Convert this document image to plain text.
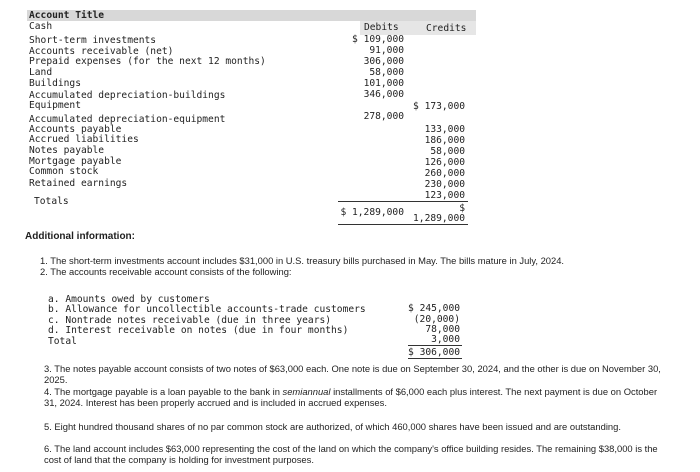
Account Title
Debits	Credits
Cash
Short-term investments
Accounts receivable (net)
Prepaid expenses (for the next 12 months)
Land
Buildings
Accumulated depreciation-buildings
Equipment
Accumulated depreciation-equipment
Accounts payable
Accrued liabilities
Notes payable
Mortgage payable
Common stock
Retained earnings
$ 109,000
91,000
306,000
58,000
101,000
346,000
278,000
$ 173,000
133,000
186,000
58,000
126,000
260,000
230,000
123,000
Totals
$ 1,289,000	$
1,289,000
Additional information:
1. The short-term investments account includes $31,000 in U.S. treasury bills purchased in May. The bills mature in July, 2024.
2. The accounts receivable account consists of the following:
a. Amounts owed by customers
b. Allowance for uncollectible accounts-trade customers
c. Nontrade notes receivable (due in three years)
d. Interest receivable on notes (due in four months)
Total
$ 245,000
(20,000)
78,000
3,000
$ 306,000
3. The notes payable account consists of two notes of $63,000 each. One note is due on September 30, 2024, and the other is due on November 30, 2025.
4. The mortgage payable is a loan payable to the bank in semiannual installments of $6,000 each plus interest. The next payment is due on October 31, 2024. Interest has been properly accrued and is included in accrued expenses.
5. Eight hundred thousand shares of no par common stock are authorized, of which 460,000 shares have been issued and are outstanding.
6. The land account includes $63,000 representing the cost of the land on which the company's office building resides. The remaining $38,000 is the cost of land that the company is holding for investment purposes.
